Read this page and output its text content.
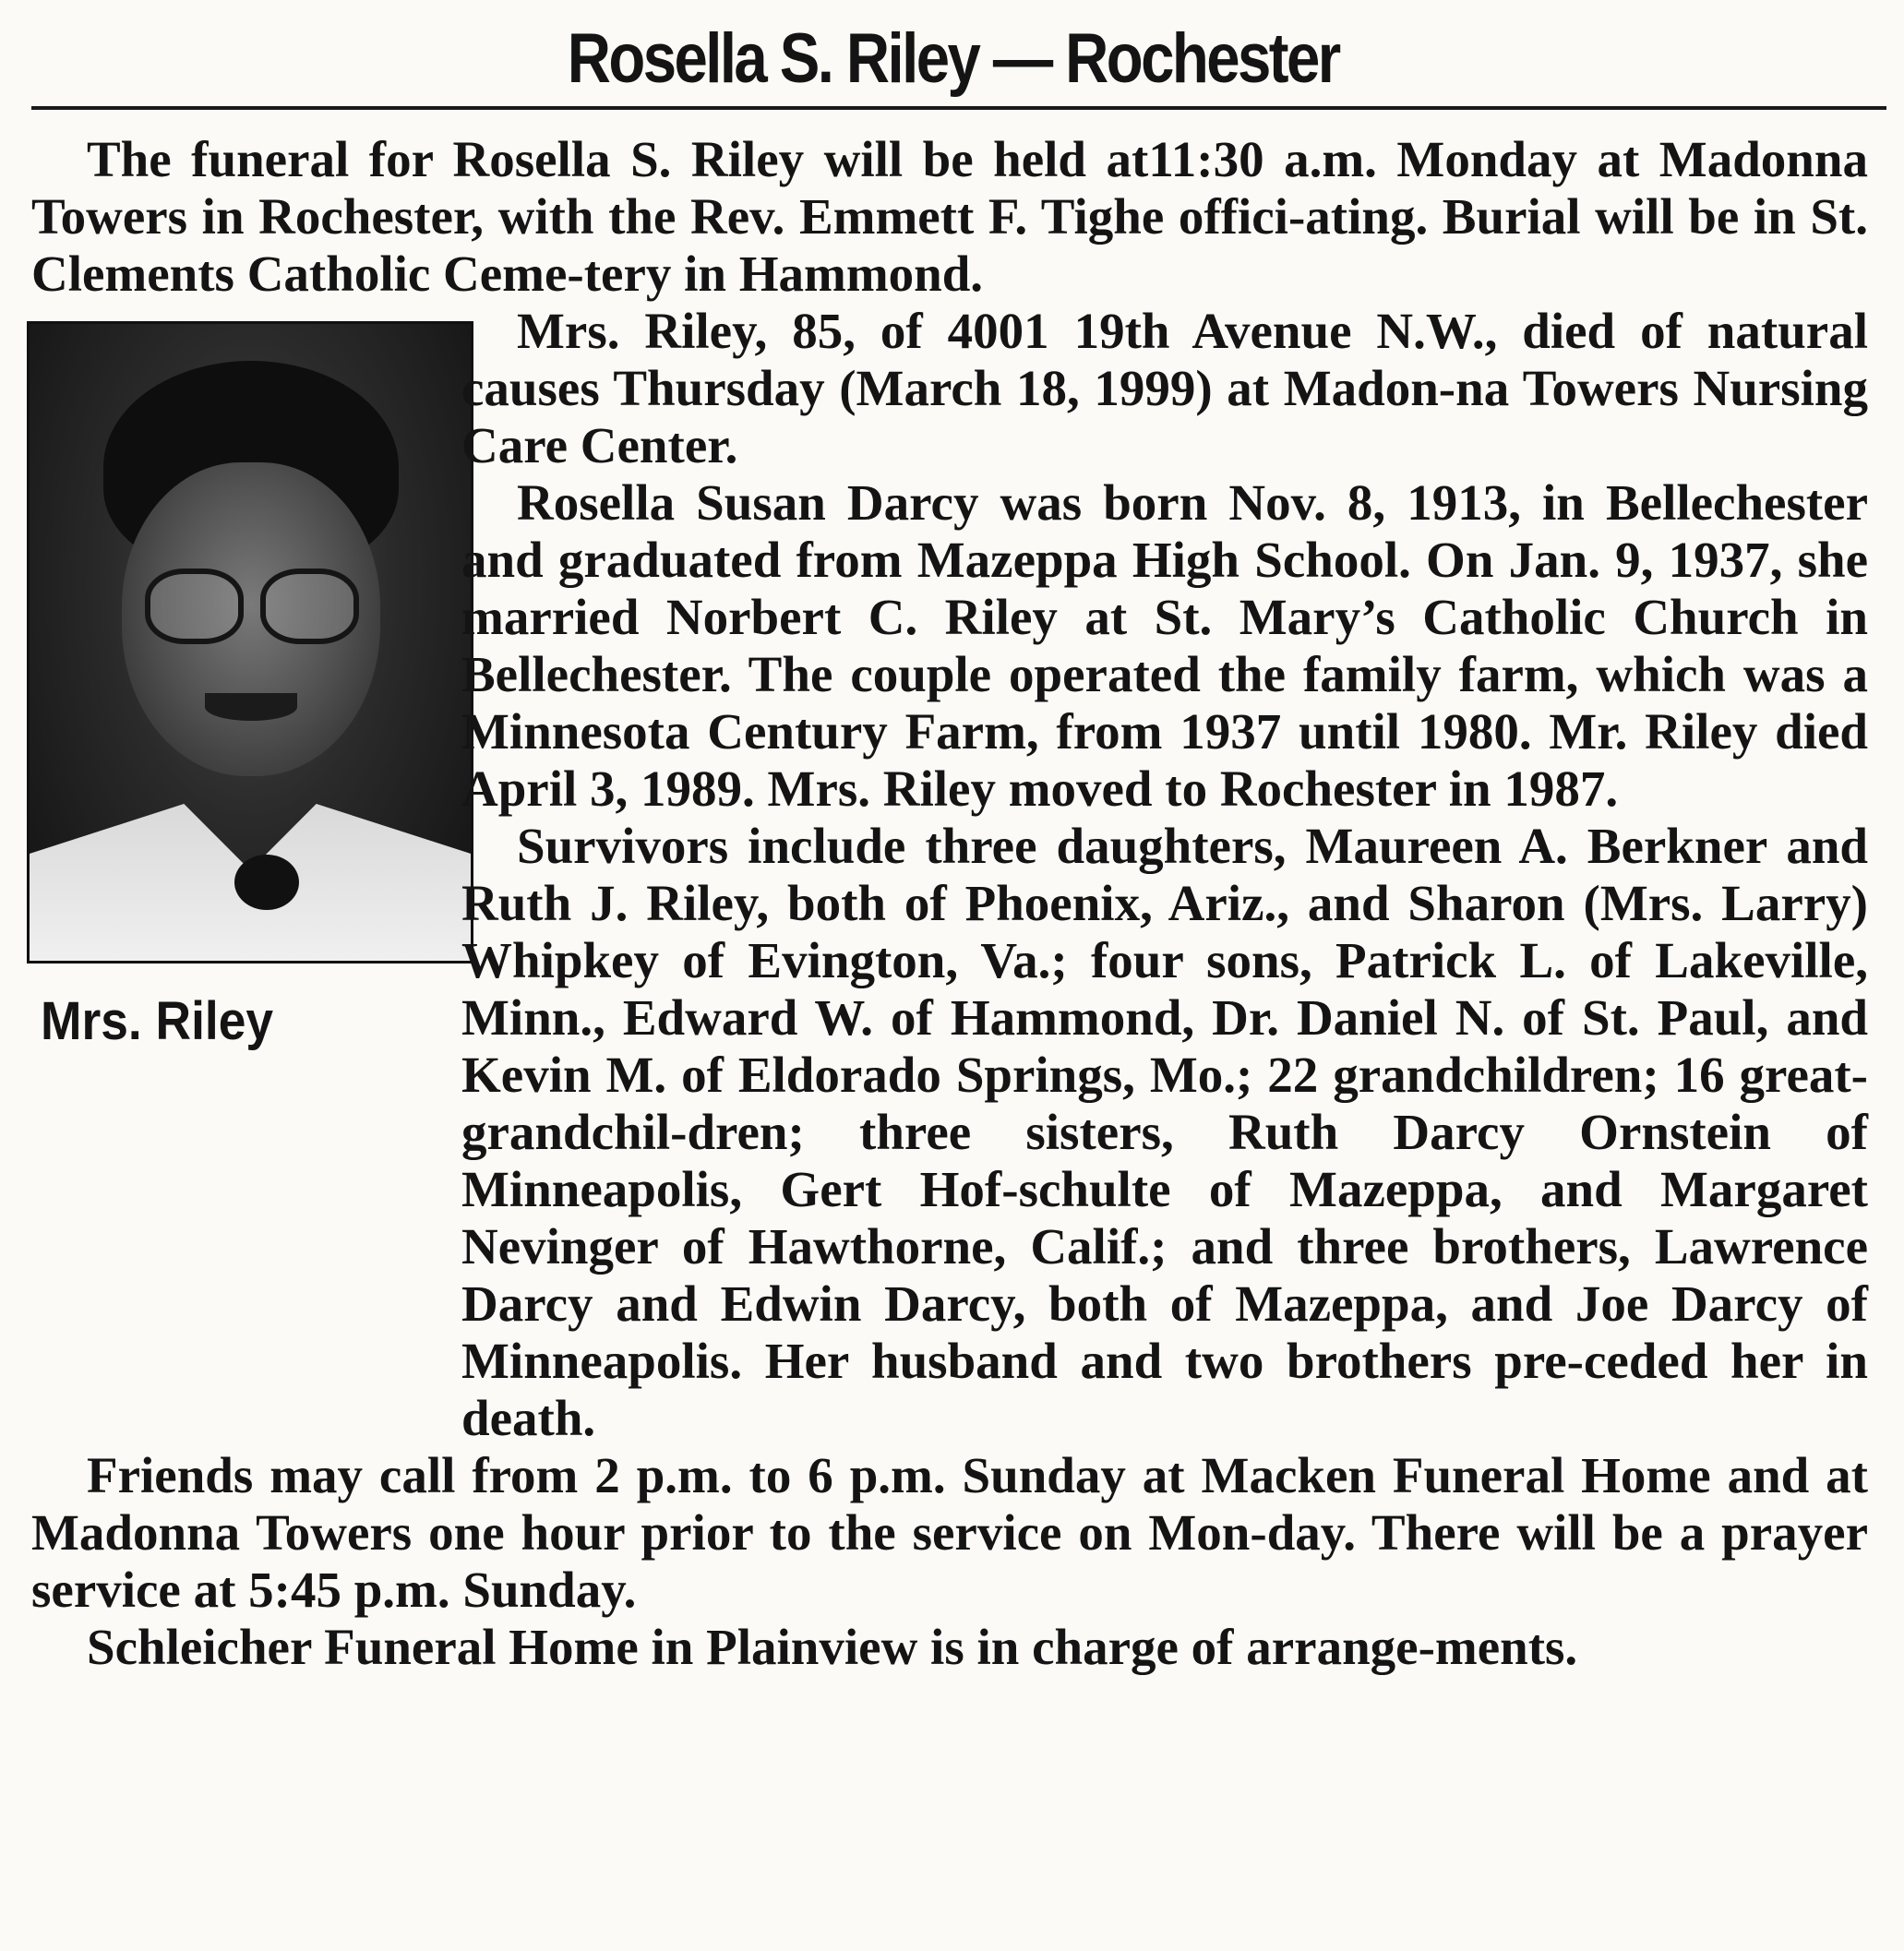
Rosella S. Riley — Rochester
Mrs. Riley

The funeral for Rosella S. Riley will be held at11:30 a.m. Monday at Madonna Towers in Rochester, with the Rev. Emmett F. Tighe offici-ating. Burial will be in St. Clements Catholic Ceme-tery in Hammond.

Mrs. Riley, 85, of 4001 19th Avenue N.W., died of natural causes Thursday (March 18, 1999) at Madon-na Towers Nursing Care Center.

Rosella Susan Darcy was born Nov. 8, 1913, in Bellechester and graduated from Mazeppa High School. On Jan. 9, 1937, she married Norbert C. Riley at St. Mary’s Catholic Church in Bellechester. The couple operated the family farm, which was a Minnesota Century Farm, from 1937 until 1980. Mr. Riley died April 3, 1989. Mrs. Riley moved to Rochester in 1987.

Survivors include three daughters, Maureen A. Berkner and Ruth J. Riley, both of Phoenix, Ariz., and Sharon (Mrs. Larry) Whipkey of Evington, Va.; four sons, Patrick L. of Lakeville, Minn., Edward W. of Hammond, Dr. Daniel N. of St. Paul, and Kevin M. of Eldorado Springs, Mo.; 22 grandchildren; 16 great-grandchil-dren; three sisters, Ruth Darcy Ornstein of Minneapolis, Gert Hof-schulte of Mazeppa, and Margaret Nevinger of Hawthorne, Calif.; and three brothers, Lawrence Darcy and Edwin Darcy, both of Mazeppa, and Joe Darcy of Minneapolis. Her husband and two brothers pre-ceded her in death.

Friends may call from 2 p.m. to 6 p.m. Sunday at Macken Funeral Home and at Madonna Towers one hour prior to the service on Mon-day. There will be a prayer service at 5:45 p.m. Sunday.

Schleicher Funeral Home in Plainview is in charge of arrange-ments.
